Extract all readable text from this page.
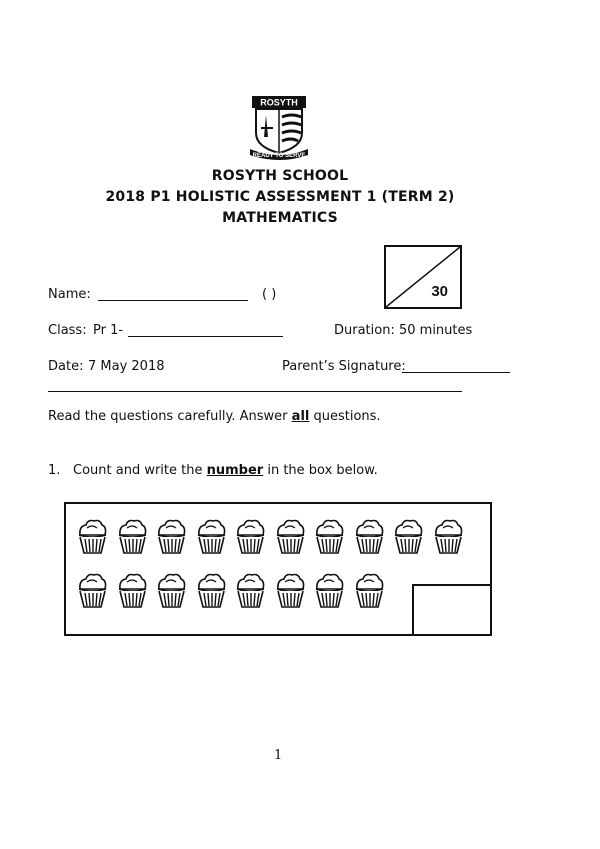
ROSYTH
READY TO SERVE
ROSYTH SCHOOL
2018 P1 HOLISTIC ASSESSMENT 1 (TERM 2)
MATHEMATICS
30
Name:	( )
Class: Pr 1-	Duration: 50 minutes
Date: 7 May 2018	Parent’s Signature:
Read the questions carefully. Answer all questions.
1. Count and write the number in the box below.
1
